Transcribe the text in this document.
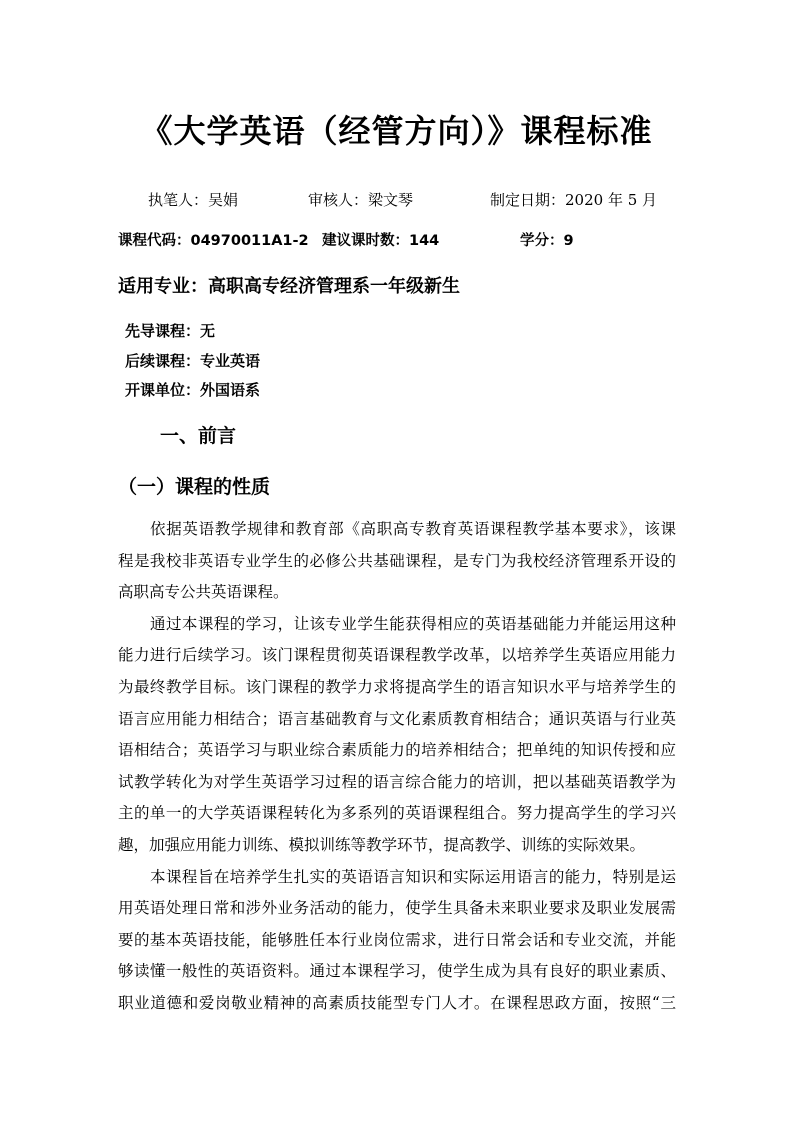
《大学英语（经管方向）》课程标准
执笔人：吴娟	审核人：梁文琴	制定日期：2020 年 5 月
课程代码：04970011A1-2 建议课时数：144	学分：9
适用专业：高职高专经济管理系一年级新生
先导课程：无
后续课程：专业英语
开课单位：外国语系
一、前言
（一）课程的性质
依据英语教学规律和教育部《高职高专教育英语课程教学基本要求》，该课
程是我校非英语专业学生的必修公共基础课程，是专门为我校经济管理系开设的
高职高专公共英语课程。
通过本课程的学习，让该专业学生能获得相应的英语基础能力并能运用这种
能力进行后续学习。该门课程贯彻英语课程教学改革，以培养学生英语应用能力
为最终教学目标。该门课程的教学力求将提高学生的语言知识水平与培养学生的
语言应用能力相结合；语言基础教育与文化素质教育相结合；通识英语与行业英
语相结合；英语学习与职业综合素质能力的培养相结合；把单纯的知识传授和应
试教学转化为对学生英语学习过程的语言综合能力的培训，把以基础英语教学为
主的单一的大学英语课程转化为多系列的英语课程组合。努力提高学生的学习兴
趣，加强应用能力训练、模拟训练等教学环节，提高教学、训练的实际效果。
本课程旨在培养学生扎实的英语语言知识和实际运用语言的能力，特别是运
用英语处理日常和涉外业务活动的能力，使学生具备未来职业要求及职业发展需
要的基本英语技能，能够胜任本行业岗位需求，进行日常会话和专业交流，并能
够读懂一般性的英语资料。通过本课程学习，使学生成为具有良好的职业素质、
职业道德和爱岗敬业精神的高素质技能型专门人才。在课程思政方面，按照“三
